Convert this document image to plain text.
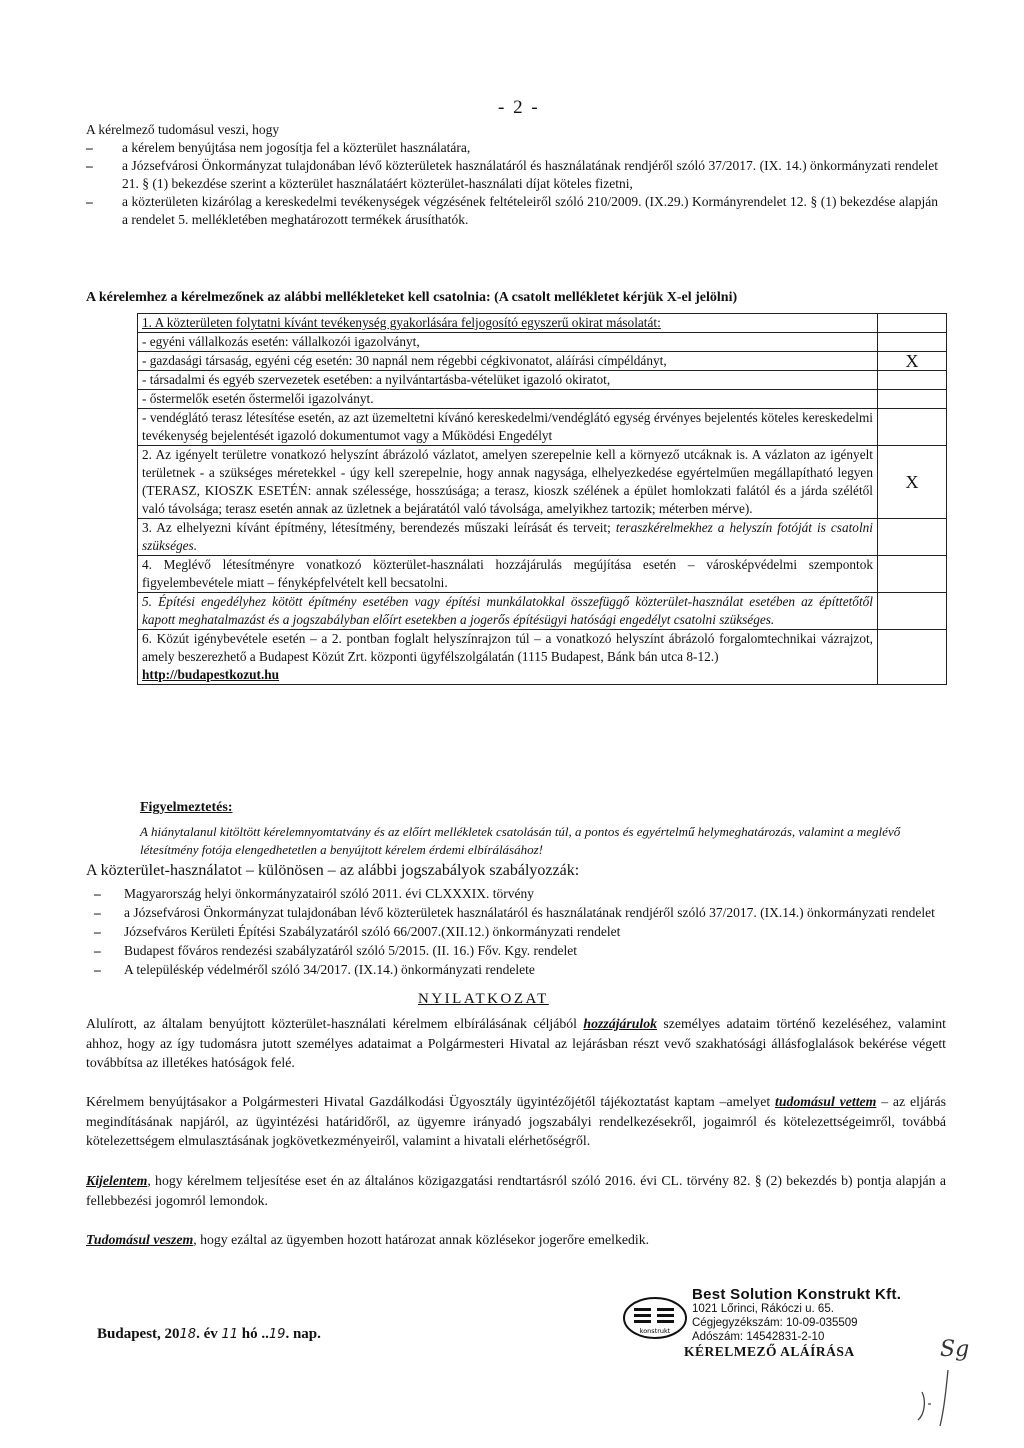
- 2 -
A kérelmező tudomásul veszi, hogy
– a kérelem benyújtása nem jogosítja fel a közterület használatára,
– a Józsefvárosi Önkormányzat tulajdonában lévő közterületek használatáról és használatának rendjéről szóló 37/2017. (IX. 14.) önkormányzati rendelet 21. § (1) bekezdése szerint a közterület használatáért közterület-használati díjat köteles fizetni,
– a közterületen kizárólag a kereskedelmi tevékenységek végzésének feltételeiről szóló 210/2009. (IX.29.) Kormányrendelet 12. § (1) bekezdése alapján a rendelet 5. mellékletében meghatározott termékek árusíthatók.
A kérelemhez a kérelmezőnek az alábbi mellékleteket kell csatolnia: (A csatolt mellékletet kérjük X-el jelölni)
1. A közterületen folytatni kívánt tevékenység gyakorlására feljogosító egyszerű okirat másolatát:	
- egyéni vállalkozás esetén: vállalkozói igazolványt,	
- gazdasági társaság, egyéni cég esetén: 30 napnál nem régebbi cégkivonatot, aláírási címpéldányt,	X
- társadalmi és egyéb szervezetek esetében: a nyilvántartásba-vételüket igazoló okiratot,	
- őstermelők esetén őstermelői igazolványt.	
- vendéglátó terasz létesítése esetén, az azt üzemeltetni kívánó kereskedelmi/vendéglátó egység érvényes bejelentés köteles kereskedelmi tevékenység bejelentését igazoló dokumentumot vagy a Működési Engedélyt	
2. Az igényelt területre vonatkozó helyszínt ábrázoló vázlatot, amelyen szerepelnie kell a környező utcáknak is. A vázlaton az igényelt területnek - a szükséges méretekkel - úgy kell szerepelnie, hogy annak nagysága, elhelyezkedése egyértelműen megállapítható legyen (TERASZ, KIOSZK ESETÉN: annak szélessége, hosszúsága; a terasz, kioszk szélének a épület homlokzati falától és a járda szélétől való távolsága; terasz esetén annak az üzletnek a bejáratától való távolsága, amelyikhez tartozik; méterben mérve).	X
3. Az elhelyezni kívánt építmény, létesítmény, berendezés műszaki leírását és terveit; teraszkérelmekhez a helyszín fotóját is csatolni szükséges.	
4. Meglévő létesítményre vonatkozó közterület-használati hozzájárulás megújítása esetén – városképvédelmi szempontok figyelembevétele miatt – fényképfelvételt kell becsatolni.	
5. Építési engedélyhez kötött építmény esetében vagy építési munkálatokkal összefüggő közterület-használat esetében az építtetőtől kapott meghatalmazást és a jogszabályban előírt esetekben a jogerős építésügyi hatósági engedélyt csatolni szükséges.	
6. Közút igénybevétele esetén – a 2. pontban foglalt helyszínrajzon túl – a vonatkozó helyszínt ábrázoló forgalomtechnikai vázrajzot, amely beszerezhető a Budapest Közút Zrt. központi ügyfélszolgálatán (1115 Budapest, Bánk bán utca 8-12.)
http://budapestkozut.hu	
Figyelmeztetés:
A hiánytalanul kitöltött kérelemnyomtatvány és az előírt mellékletek csatolásán túl, a pontos és egyértelmű helymeghatározás, valamint a meglévő létesítmény fotója elengedhetetlen a benyújtott kérelem érdemi elbírálásához!
A közterület-használatot – különösen – az alábbi jogszabályok szabályozzák:
– Magyarország helyi önkormányzatairól szóló 2011. évi CLXXXIX. törvény
– a Józsefvárosi Önkormányzat tulajdonában lévő közterületek használatáról és használatának rendjéről szóló 37/2017. (IX.14.) önkormányzati rendelet
– Józsefváros Kerületi Építési Szabályzatáról szóló 66/2007.(XII.12.) önkormányzati rendelet
– Budapest főváros rendezési szabályzatáról szóló 5/2015. (II. 16.) Főv. Kgy. rendelet
– A településkép védelméről szóló 34/2017. (IX.14.) önkormányzati rendelete
NYILATKOZAT
Alulírott, az általam benyújtott közterület-használati kérelmem elbírálásának céljából hozzájárulok személyes adataim történő kezeléséhez, valamint ahhoz, hogy az így tudomásra jutott személyes adataimat a Polgármesteri Hivatal az lejárásban részt vevő szakhatósági állásfoglalások bekérése végett továbbítsa az illetékes hatóságok felé.
Kérelmem benyújtásakor a Polgármesteri Hivatal Gazdálkodási Ügyosztály ügyintézőjétől tájékoztatást kaptam –amelyet tudomásul vettem – az eljárás megindításának napjáról, az ügyintézési határidőről, az ügyemre irányadó jogszabályi rendelkezésekről, jogaimról és kötelezettségeimről, továbbá kötelezettségem elmulasztásának jogkövetkezményeiről, valamint a hivatali elérhetőségről.
Kijelentem, hogy kérelmem teljesítése eset én az általános közigazgatási rendtartásról szóló 2016. évi CL. törvény 82. § (2) bekezdés b) pontja alapján a fellebbezési jogomról lemondok.
Tudomásul veszem, hogy ezáltal az ügyemben hozott határozat annak közlésekor jogerőre emelkedik.
Budapest, 2018. év 11 hó ..19. nap.	konstrukt
Best Solution Konstrukt Kft.
1021 Lőrinci, Rákóczi u. 65.
Cégjegyzékszám: 10-09-035509
Adószám: 14542831-2-10
KÉRELMEZŐ ALÁÍRÁSA	Sg
